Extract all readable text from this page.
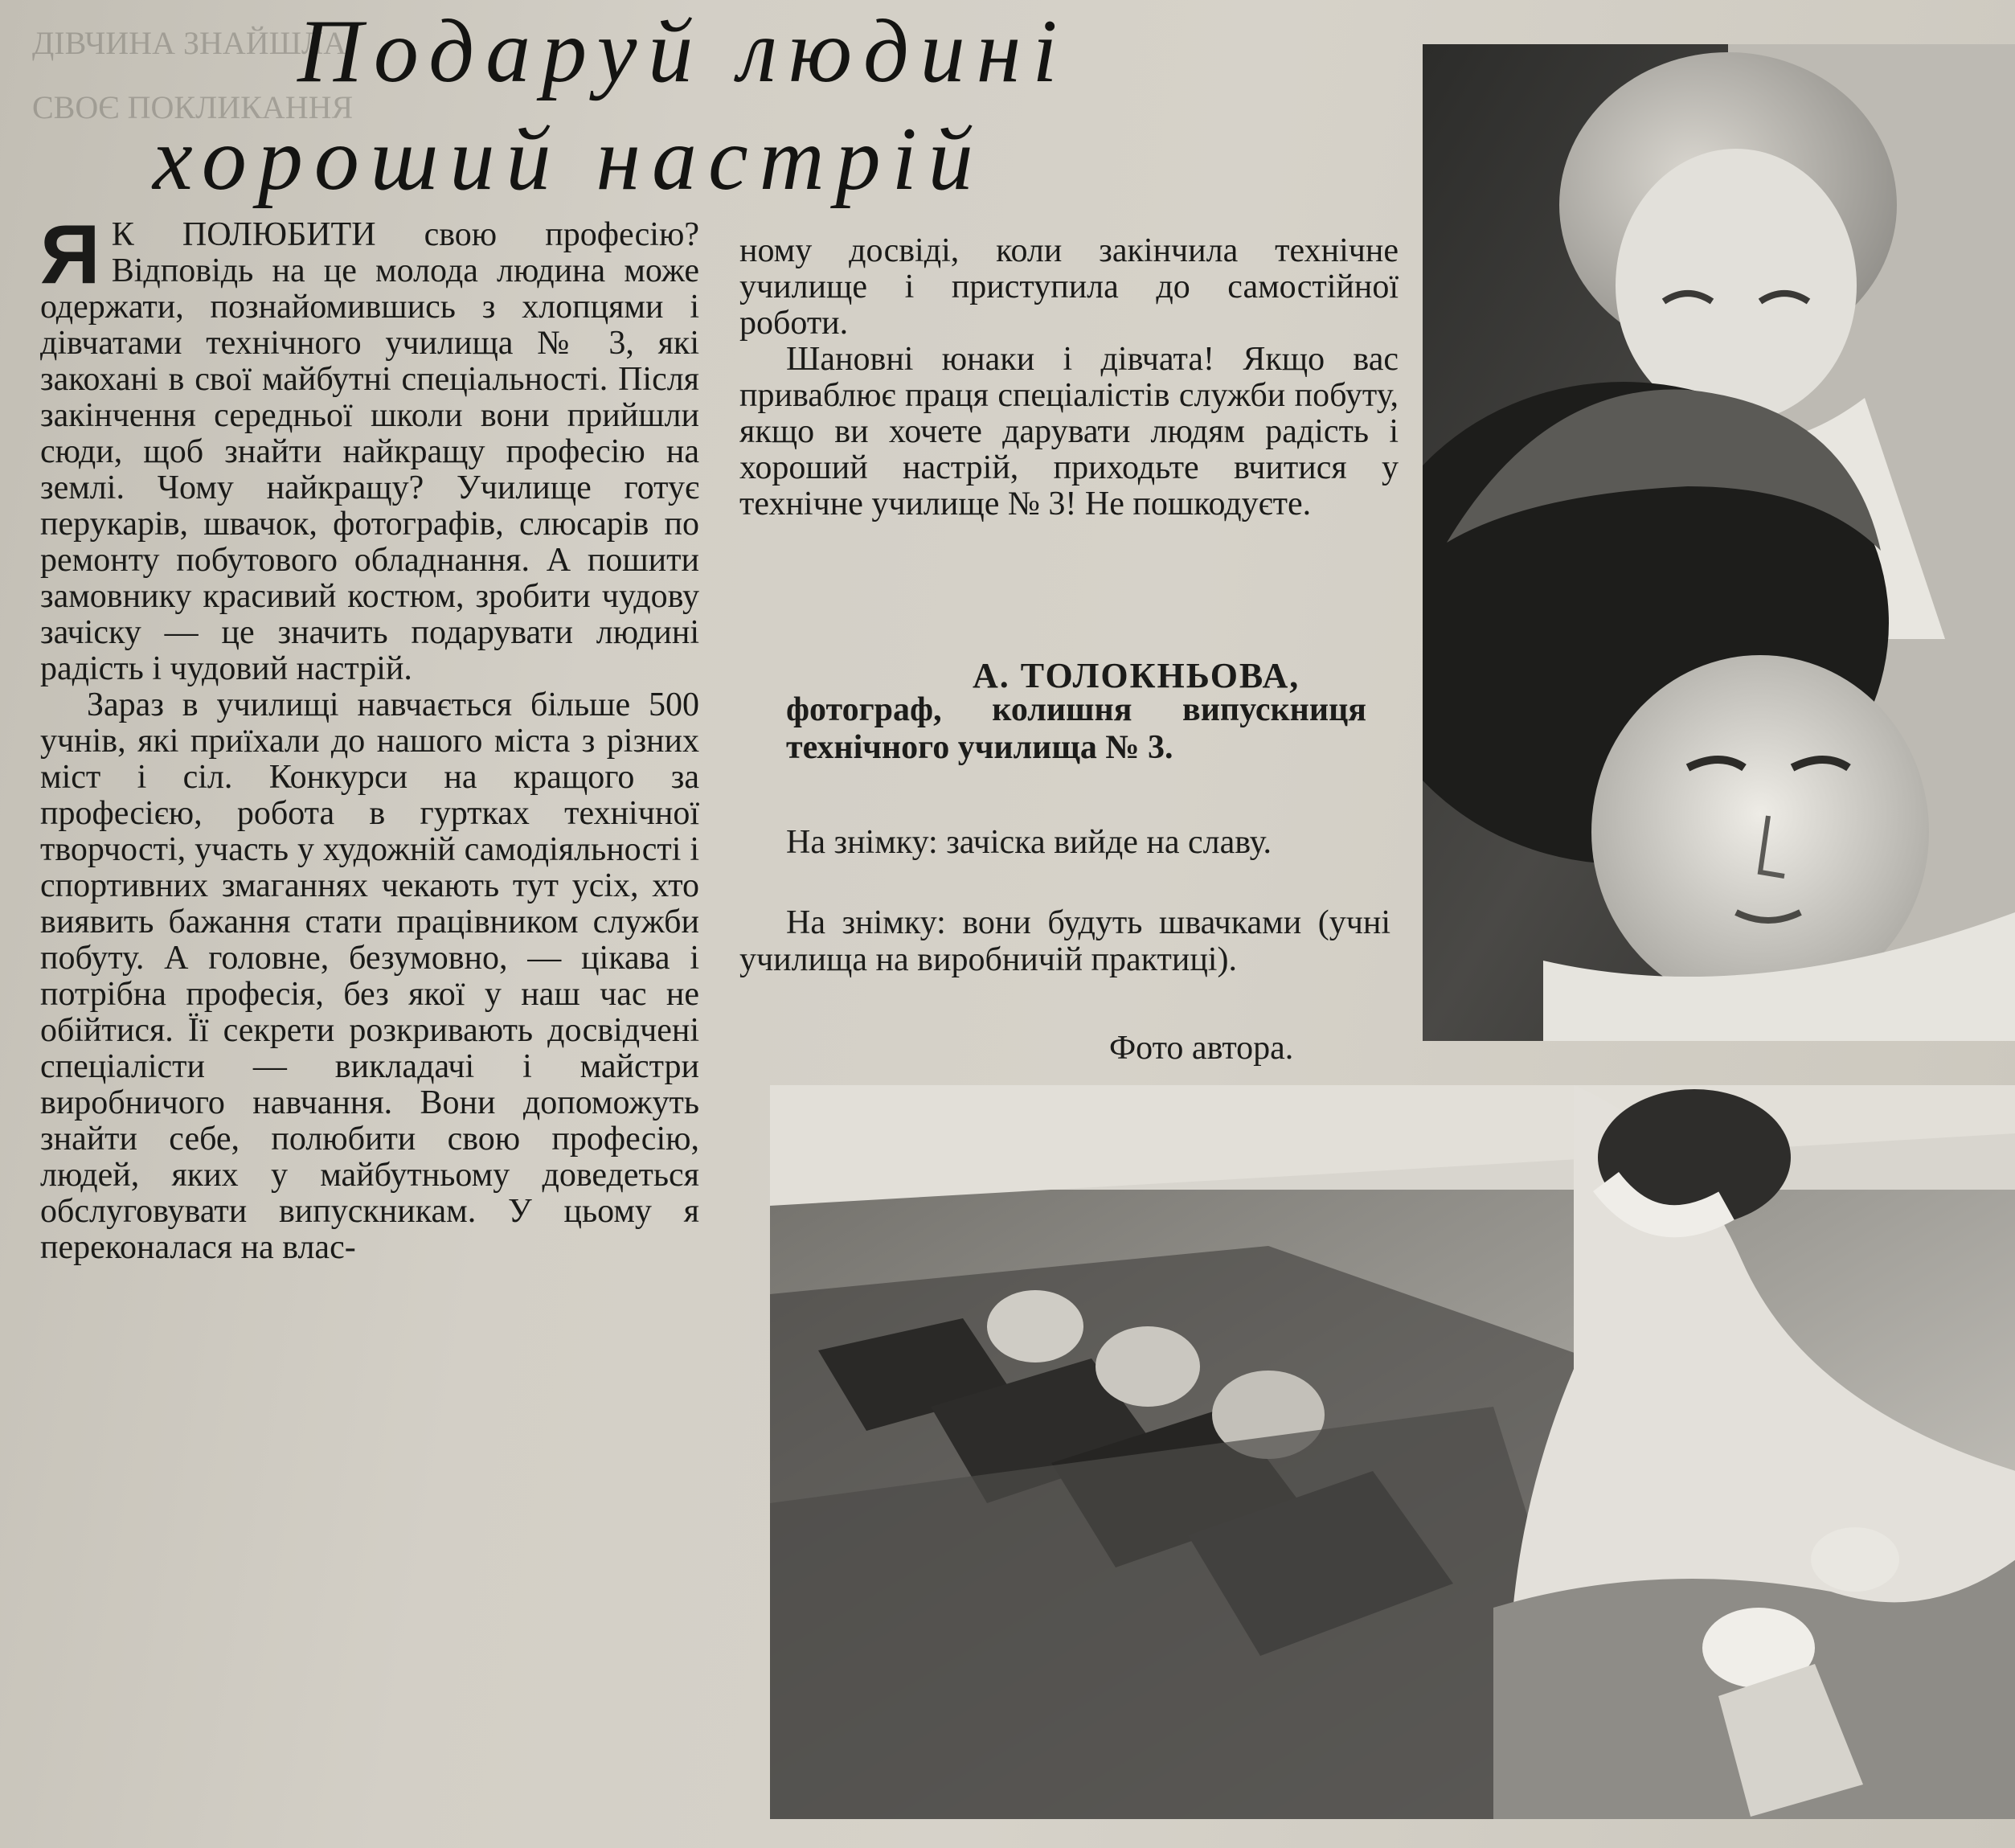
ДІВЧИНА ЗНАЙШЛА
СВОЄ ПОКЛИКАННЯ
Подаруй людині
хороший настрій

Я К ПОЛЮБИТИ свою професію? Відповідь на це молода людина може одержати, познайомившись з хлопцями і дівчатами технічного училища № 3, які закохані в свої майбутні спеціальності. Після закінчення середньої школи вони прийшли сюди, щоб знайти найкращу професію на землі. Чому найкращу? Училище готує перукарів, швачок, фотографів, слюсарів по ремонту побутового обладнання. А пошити замовнику красивий костюм, зробити чудову зачіску — це значить подарувати людині радість і чудовий настрій.

Зараз в училищі навчається більше 500 учнів, які приїхали до нашого міста з різних міст і сіл. Конкурси на кращого за професією, робота в гуртках технічної творчості, участь у художній самодіяльності і спортивних змаганнях чекають тут усіх, хто виявить бажання стати працівником служби побуту. А головне, безумовно, — цікава і потрібна професія, без якої у наш час не обійтися. Її секрети розкривають досвідчені спеціалісти — викладачі і майстри виробничого навчання. Вони допоможуть знайти себе, полюбити свою професію, людей, яких у майбутньому доведеться обслуговувати випускникам. У цьому я переконалася на влас-

ному досвіді, коли закінчила технічне училище і приступила до самостійної роботи.

Шановні юнаки і дівчата! Якщо вас приваблює праця спеціалістів служби побуту, якщо ви хочете дарувати людям радість і хороший настрій, приходьте вчитися у технічне училище № 3! Не пошкодуєте.

А. ТОЛОКНЬОВА,
фотограф, колишня випускниця технічного училища № 3.
На знімку: зачіска вийде на славу.
На знімку: вони будуть швачками (учні училища на виробничій практиці).
Фото автора.
